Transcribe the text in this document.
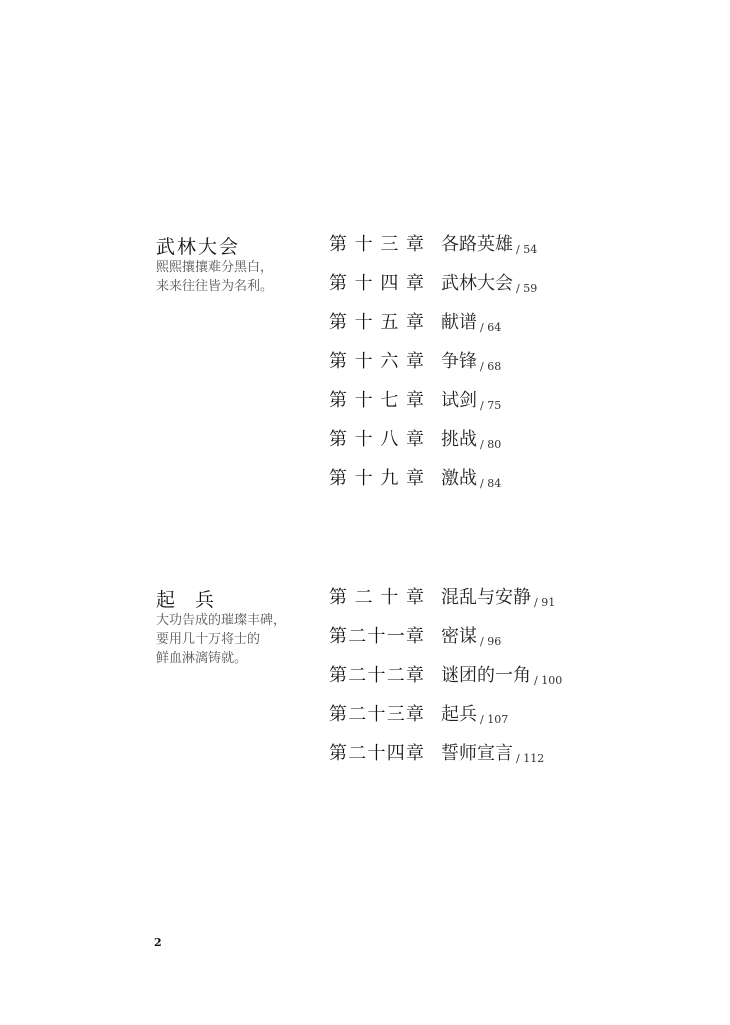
武林大会
熙熙攘攘难分黑白，
来来往往皆为名利。
第 十 三 章 各路英雄 / 54
第 十 四 章 武林大会 / 59
第 十 五 章 献谱 / 64
第 十 六 章 争锋 / 68
第 十 七 章 试剑 / 75
第 十 八 章 挑战 / 80
第 十 九 章 激战 / 84
起兵
大功告成的璀璨丰碑，
要用几十万将士的
鲜血淋漓铸就。
第 二 十 章 混乱与安静 / 91
第 二 十 一 章 密谋 / 96
第 二 十 二 章 谜团的一角 / 100
第 二 十 三 章 起兵 / 107
第 二 十 四 章 誓师宣言 / 112
2
